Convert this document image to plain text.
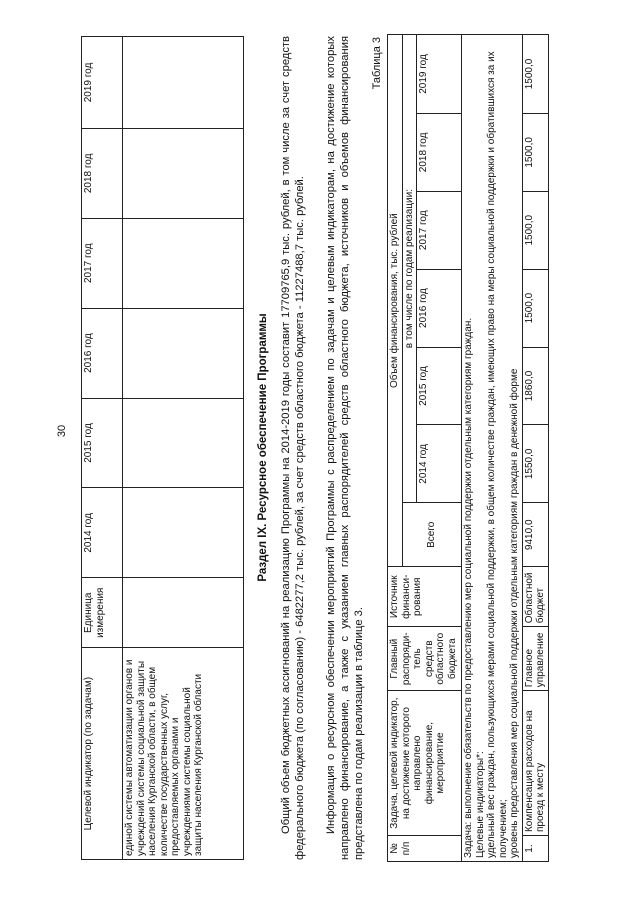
30
Целевой индикатор (по задачам)	Единица измерения	2014 год	2015 год	2016 год	2017 год	2018 год	2019 год
единой системы автоматизации органов и учреждений системы социальной защиты населения Курганской области, в общем количестве государственных услуг, предоставляемых органами и учреждениями системы социальной защиты населения Курганской области							
Раздел IX. Ресурсное обеспечение Программы Общий объем бюджетных ассигнований на реализацию Программы на 2014-2019 годы составит 17709765,9 тыс. рублей, в том числе за счет средств федерального бюджета (по согласованию) - 6482277,2 тыс. рублей, за счет средств областного бюджета - 11227488,7 тыс. рублей. Информация о ресурсном обеспечении мероприятий Программы с распределением по задачам и целевым индикаторам, на достижение которых направлено финансирование, а также с указанием главных распорядителей средств областного бюджета, источников и объемов финансирования представлена по годам реализации в таблице 3.

Таблица 3
№ п/п	Задача, целевой индикатор, на достижение которого направлено финансирование, мероприятие	Главный распоряди-тель средств областного бюджета	Источник финанси-рования	Объем финансирования, тыс. рублей						
				Всего	в том числе по годам реализации:					
					2014 год	2015 год	2016 год	2017 год	2018 год	2019 год

Задача: выполнение обязательств по предоставлению мер социальной поддержки отдельным категориям граждан. Целевые индикаторы*: удельный вес граждан, пользующихся мерами социальной поддержки, в общем количестве граждан, имеющих право на меры социальной поддержки и обратившихся за их получением; уровень предоставления мер социальной поддержки отдельным категориям граждан в денежной форме										

1.	Компенсация расходов на проезд к месту	Главное управление	Областной бюджет	9410,0	1550,0	1860,0	1500,0	1500,0	1500,0	1500,0
